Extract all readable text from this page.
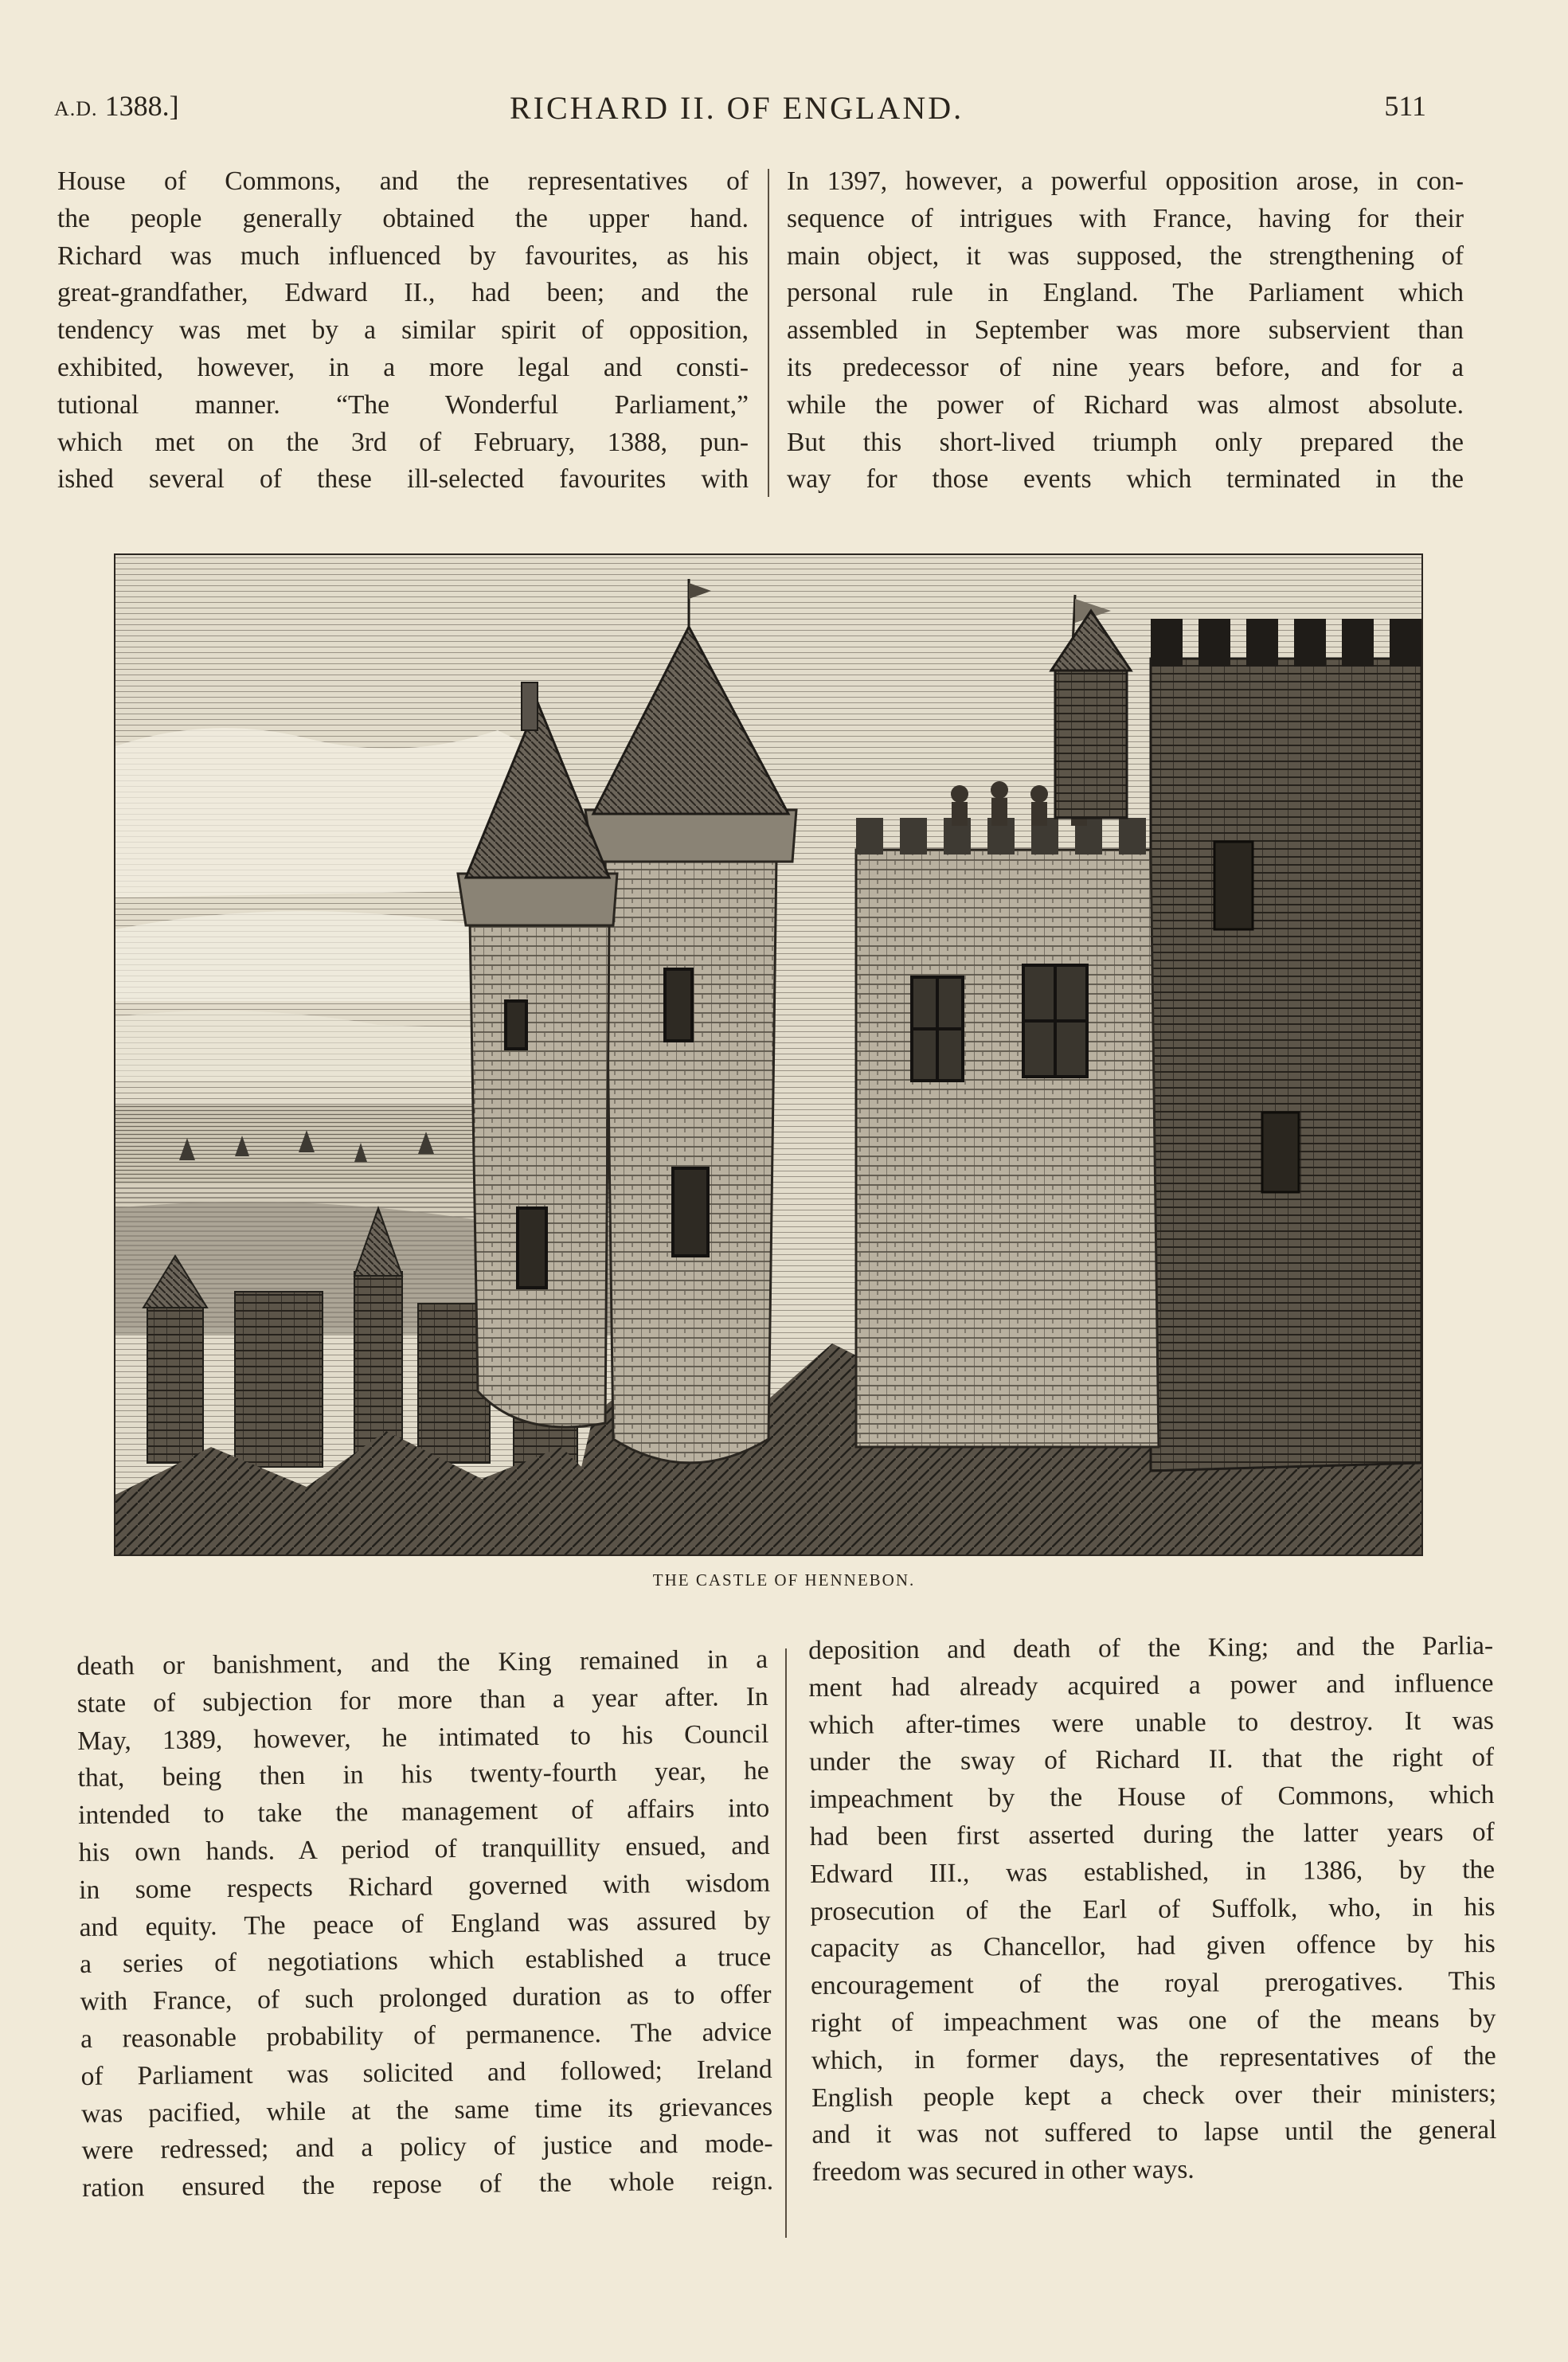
A.D. 1388.]	RICHARD II. OF ENGLAND.	511
House of Commons, and the representatives of
the people generally obtained the upper hand.
Richard was much influenced by favourites, as his
great-grandfather, Edward II., had been; and the
tendency was met by a similar spirit of opposition,
exhibited, however, in a more legal and consti-
tutional manner. “The Wonderful Parliament,”
which met on the 3rd of February, 1388, pun-
ished several of these ill-selected favourites with
In 1397, however, a powerful opposition arose, in con-
sequence of intrigues with France, having for their
main object, it was supposed, the strengthening of
personal rule in England. The Parliament which
assembled in September was more subservient than
its predecessor of nine years before, and for a
while the power of Richard was almost absolute.
But this short-lived triumph only prepared the
way for those events which terminated in the
THE CASTLE OF HENNEBON.
death or banishment, and the King remained in a
state of subjection for more than a year after. In
May, 1389, however, he intimated to his Council
that, being then in his twenty-fourth year, he
intended to take the management of affairs into
his own hands. A period of tranquillity ensued, and
in some respects Richard governed with wisdom
and equity. The peace of England was assured by
a series of negotiations which established a truce
with France, of such prolonged duration as to offer
a reasonable probability of permanence. The advice
of Parliament was solicited and followed; Ireland
was pacified, while at the same time its grievances
were redressed; and a policy of justice and mode-
ration ensured the repose of the whole reign.
deposition and death of the King; and the Parlia-
ment had already acquired a power and influence
which after-times were unable to destroy. It was
under the sway of Richard II. that the right of
impeachment by the House of Commons, which
had been first asserted during the latter years of
Edward III., was established, in 1386, by the
prosecution of the Earl of Suffolk, who, in his
capacity as Chancellor, had given offence by his
encouragement of the royal prerogatives. This
right of impeachment was one of the means by
which, in former days, the representatives of the
English people kept a check over their ministers;
and it was not suffered to lapse until the general
freedom was secured in other ways.
